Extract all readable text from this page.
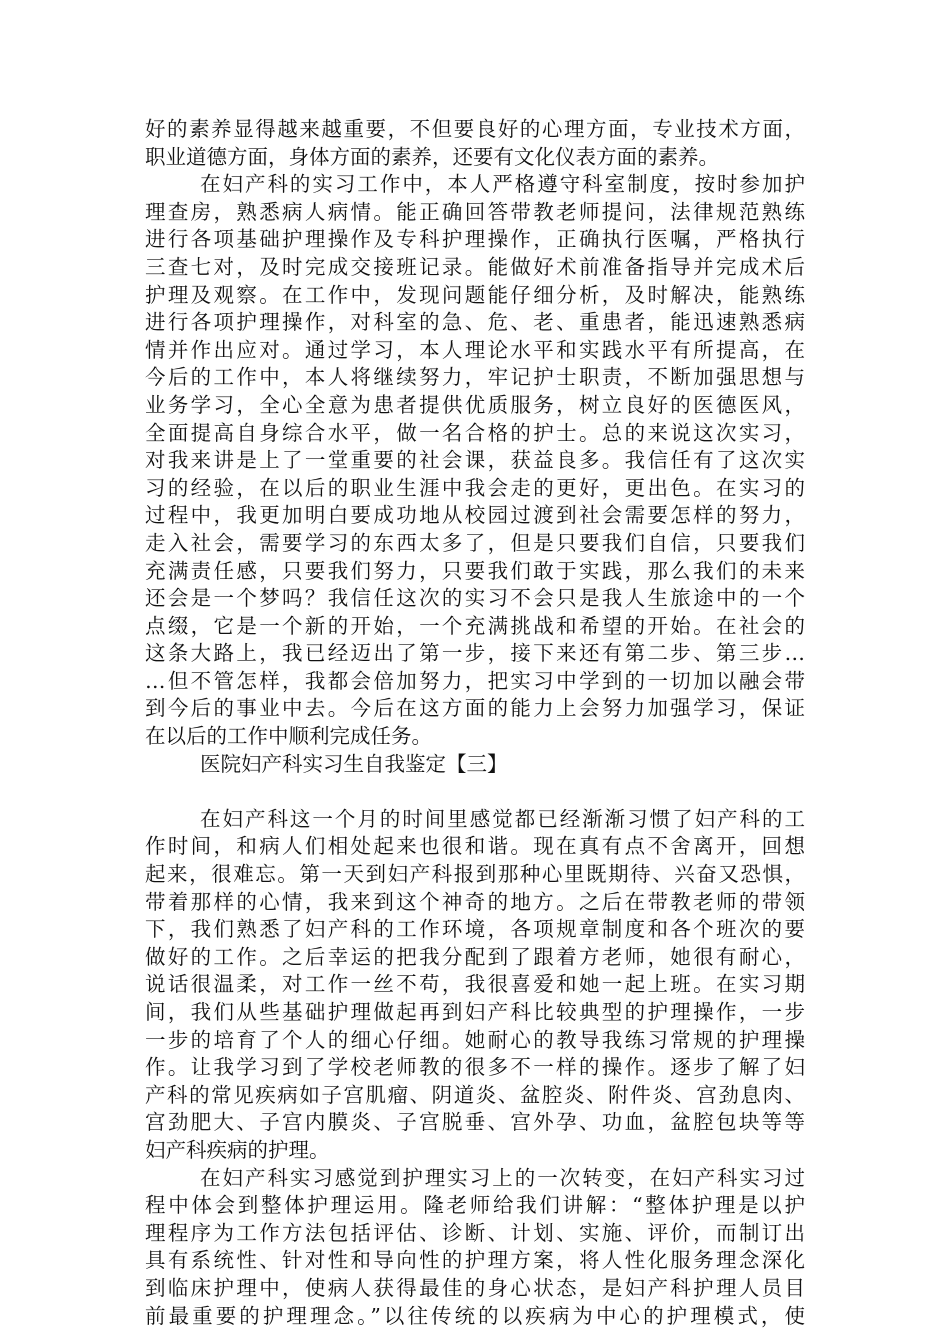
好的素养显得越来越重要，不但要良好的心理方面，专业技术方面，
职业道德方面，身体方面的素养，还要有文化仪表方面的素养。
在妇产科的实习工作中，本人严格遵守科室制度，按时参加护
理查房，熟悉病人病情。能正确回答带教老师提问，法律规范熟练
进行各项基础护理操作及专科护理操作，正确执行医嘱，严格执行
三查七对，及时完成交接班记录。能做好术前准备指导并完成术后
护理及观察。在工作中，发现问题能仔细分析，及时解决，能熟练
进行各项护理操作，对科室的急、危、老、重患者，能迅速熟悉病
情并作出应对。通过学习，本人理论水平和实践水平有所提高，在
今后的工作中，本人将继续努力，牢记护士职责，不断加强思想与
业务学习，全心全意为患者提供优质服务，树立良好的医德医风，
全面提高自身综合水平，做一名合格的护士。总的来说这次实习，
对我来讲是上了一堂重要的社会课，获益良多。我信任有了这次实
习的经验，在以后的职业生涯中我会走的更好，更出色。在实习的
过程中，我更加明白要成功地从校园过渡到社会需要怎样的努力，
走入社会，需要学习的东西太多了，但是只要我们自信，只要我们
充满责任感，只要我们努力，只要我们敢于实践，那么我们的未来
还会是一个梦吗？我信任这次的实习不会只是我人生旅途中的一个
点缀，它是一个新的开始，一个充满挑战和希望的开始。在社会的
这条大路上，我已经迈出了第一步，接下来还有第二步、第三步…
…但不管怎样，我都会倍加努力，把实习中学到的一切加以融会带
到今后的事业中去。今后在这方面的能力上会努力加强学习，保证
在以后的工作中顺利完成任务。
医院妇产科实习生自我鉴定【三】
在妇产科这一个月的时间里感觉都已经渐渐习惯了妇产科的工
作时间，和病人们相处起来也很和谐。现在真有点不舍离开，回想
起来，很难忘。第一天到妇产科报到那种心里既期待、兴奋又恐惧，
带着那样的心情，我来到这个神奇的地方。之后在带教老师的带领
下，我们熟悉了妇产科的工作环境，各项规章制度和各个班次的要
做好的工作。之后幸运的把我分配到了跟着方老师，她很有耐心，
说话很温柔，对工作一丝不苟，我很喜爱和她一起上班。在实习期
间，我们从些基础护理做起再到妇产科比较典型的护理操作，一步
一步的培育了个人的细心仔细。她耐心的教导我练习常规的护理操
作。让我学习到了学校老师教的很多不一样的操作。逐步了解了妇
产科的常见疾病如子宫肌瘤、阴道炎、盆腔炎、附件炎、宫劲息肉、
宫劲肥大、子宫内膜炎、子宫脱垂、宫外孕、功血，盆腔包块等等
妇产科疾病的护理。
在妇产科实习感觉到护理实习上的一次转变，在妇产科实习过
程中体会到整体护理运用。隆老师给我们讲解：“整体护理是以护
理程序为工作方法包括评估、诊断、计划、实施、评价，而制订出
具有系统性、针对性和导向性的护理方案，将人性化服务理念深化
到临床护理中，使病人获得最佳的身心状态，是妇产科护理人员目
前最重要的护理理念。”以往传统的以疾病为中心的护理模式，使
